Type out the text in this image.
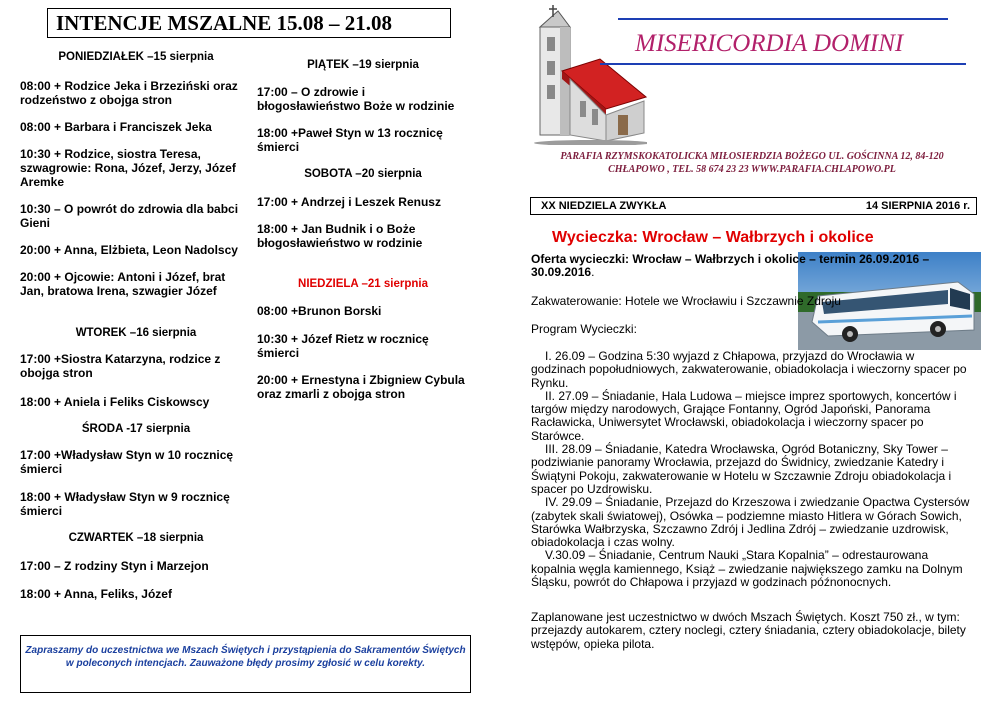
INTENCJE MSZALNE 15.08 – 21.08
PONIEDZIAŁEK –15 sierpnia
08:00 + Rodzice Jeka i Brzeziński oraz rodzeństwo z obojga stron
08:00 + Barbara i Franciszek Jeka
10:30 + Rodzice, siostra Teresa, szwagrowie: Rona, Józef, Jerzy, Józef Aremke
10:30 – O powrót do zdrowia dla babci Gieni
20:00 + Anna, Elżbieta, Leon Nadolscy
20:00 + Ojcowie: Antoni i Józef, brat Jan, bratowa Irena, szwagier Józef
WTOREK –16 sierpnia
17:00 +Siostra Katarzyna, rodzice z obojga stron
18:00 + Aniela i Feliks Ciskowscy
ŚRODA -17 sierpnia
17:00 +Władysław Styn w 10 rocznicę śmierci
18:00 + Władysław Styn w 9 rocznicę śmierci
CZWARTEK –18 sierpnia
17:00 – Z rodziny Styn i Marzejon
18:00 + Anna, Feliks, Józef
PIĄTEK –19 sierpnia
17:00 – O zdrowie i błogosławieństwo Boże w rodzinie
18:00 +Paweł Styn w 13 rocznicę śmierci
SOBOTA –20 sierpnia
17:00 + Andrzej i Leszek Renusz
18:00 + Jan Budnik i o Boże błogosławieństwo w rodzinie
NIEDZIELA –21 sierpnia
08:00 +Brunon Borski
10:30 + Józef Rietz w rocznicę śmierci
20:00 + Ernestyna i Zbigniew Cybula oraz zmarli z obojga stron
Zapraszamy do uczestnictwa we Mszach Świętych i przystąpienia do Sakramentów Świętych w poleconych intencjach. Zauważone błędy prosimy zgłosić w celu korekty.
MISERICORDIA DOMINI
PARAFIA RZYMSKOKATOLICKA MIŁOSIERDZIA BOŻEGO UL. GOŚCINNA 12, 84-120 CHŁAPOWO , TEL. 58 674 23 23 WWW.PARAFIA.CHLAPOWO.PL
XX NIEDZIELA ZWYKŁA	14 SIERPNIA 2016 r.
Wycieczka: Wrocław – Wałbrzych i okolice
Oferta wycieczki: Wrocław – Wałbrzych i okolice – termin 26.09.2016 – 30.09.2016.
Zakwaterowanie: Hotele we Wrocławiu i Szczawnie Zdroju
Program Wycieczki:
I. 26.09 – Godzina 5:30 wyjazd z Chłapowa, przyjazd do Wrocławia w godzinach popołudniowych, zakwaterowanie, obiadokolacja i wieczorny spacer po Rynku.
II. 27.09 – Śniadanie, Hala Ludowa – miejsce imprez sportowych, koncertów i targów między narodowych, Grające Fontanny, Ogród Japoński, Panorama Racławicka, Uniwersytet Wrocławski, obiadokolacja i wieczorny spacer po Starówce.
III. 28.09 – Śniadanie, Katedra Wrocławska, Ogród Botaniczny, Sky Tower – podziwianie panoramy Wrocławia, przejazd do Świdnicy, zwiedzanie Katedry i Świątyni Pokoju, zakwaterowanie w Hotelu w Szczawnie Zdroju obiadokolacja i spacer po Uzdrowisku.
IV. 29.09 – Śniadanie, Przejazd do Krzeszowa i zwiedzanie Opactwa Cystersów (zabytek skali światowej), Osówka – podziemne miasto Hitlera w Górach Sowich, Starówka Wałbrzyska, Szczawno Zdrój i Jedlina Zdrój – zwiedzanie uzdrowisk, obiadokolacja i czas wolny.
V.30.09 – Śniadanie, Centrum Nauki „Stara Kopalnia” – odrestaurowana kopalnia węgla kamiennego, Książ – zwiedzanie największego zamku na Dolnym Śląsku, powrót do Chłapowa i przyjazd w godzinach późnonocnych.
Zaplanowane jest uczestnictwo w dwóch Mszach Świętych. Koszt 750 zł., w tym: przejazdy autokarem, cztery noclegi, cztery śniadania, cztery obiadokolacje, bilety wstępów, opieka pilota.
